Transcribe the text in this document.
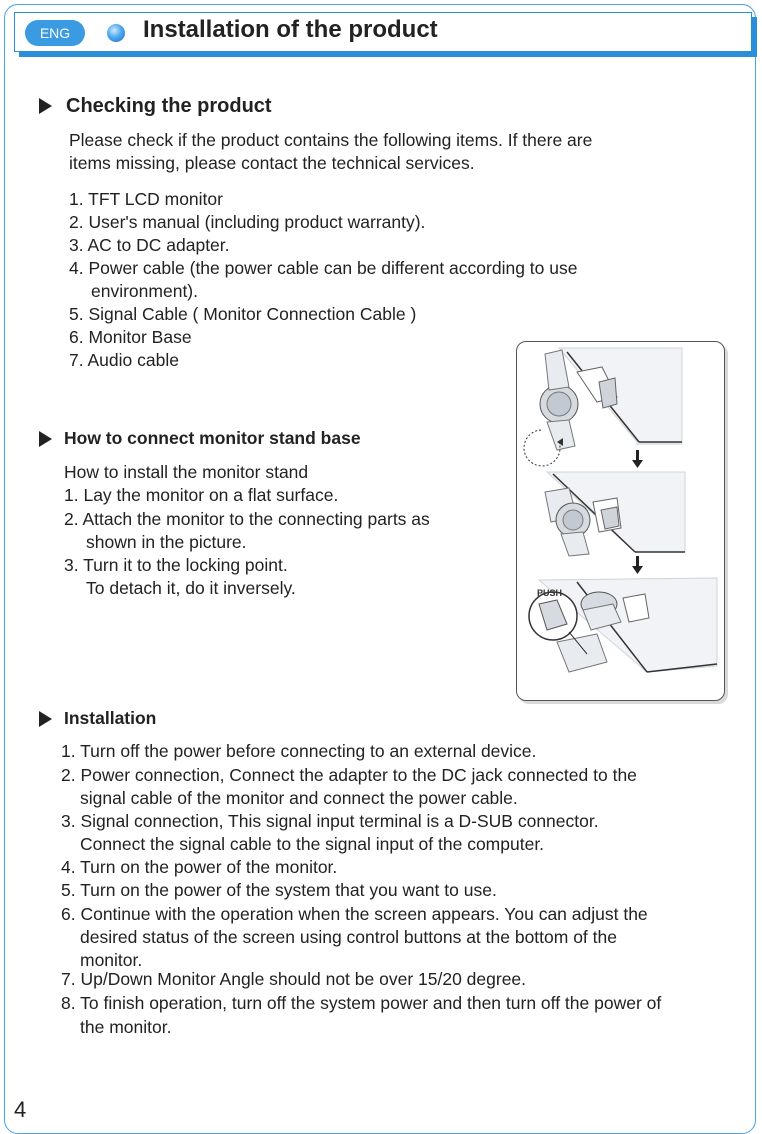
ENG	Installation of the product
Checking the product
Please check if the product contains the following items. If there are
items missing, please contact the technical services.
1. TFT LCD monitor
2. User's manual (including product warranty).
3. AC to DC adapter.
4. Power cable (the power cable can be different according to use
environment).
5. Signal Cable ( Monitor Connection Cable )
6. Monitor Base
7. Audio cable
How to connect monitor stand base
How to install the monitor stand
1. Lay the monitor on a flat surface.
2. Attach the monitor to the connecting parts as
shown in the picture.
3. Turn it to the locking point.
To detach it, do it inversely.	PUSH
Installation
1. Turn off the power before connecting to an external device.
2. Power connection, Connect the adapter to the DC jack connected to the
signal cable of the monitor and connect the power cable.
3. Signal connection, This signal input terminal is a D-SUB connector.
Connect the signal cable to the signal input of the computer.
4. Turn on the power of the monitor.
5. Turn on the power of the system that you want to use.
6. Continue with the operation when the screen appears. You can adjust the
desired status of the screen using control buttons at the bottom of the
monitor.
7. Up/Down Monitor Angle should not be over 15/20 degree.
8. To finish operation, turn off the system power and then turn off the power of
the monitor.
4
